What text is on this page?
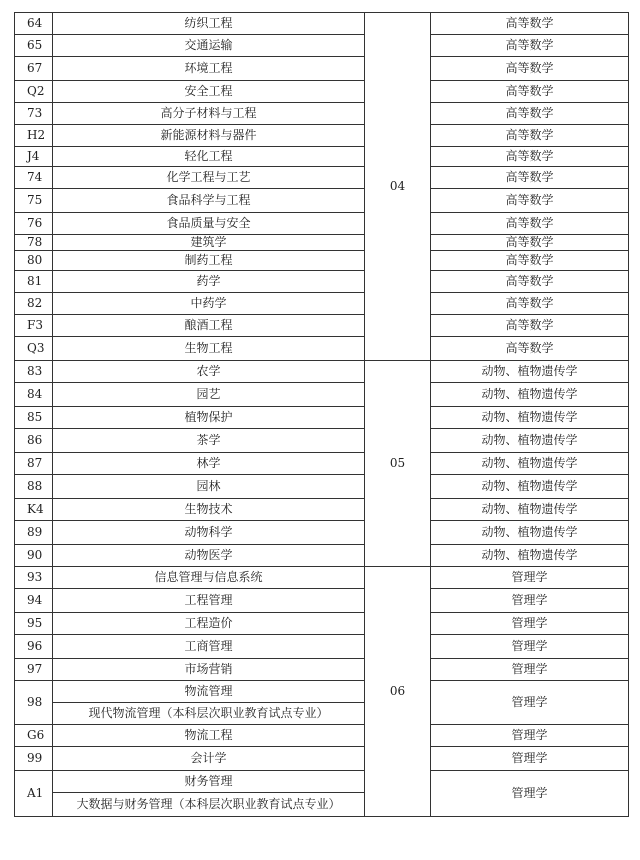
64	纺织工程	04	高等数学
65	交通运输		高等数学
67	环境工程		高等数学
Q2	安全工程		高等数学
73	高分子材料与工程		高等数学
H2	新能源材料与器件		高等数学
J4	轻化工程		高等数学
74	化学工程与工艺		高等数学
75	食品科学与工程		高等数学
76	食品质量与安全		高等数学
78	建筑学		高等数学
80	制药工程		高等数学
81	药学		高等数学
82	中药学		高等数学
F3	酿酒工程		高等数学
Q3	生物工程		高等数学
83	农学	05	动物、植物遗传学
84	园艺		动物、植物遗传学
85	植物保护		动物、植物遗传学
86	茶学		动物、植物遗传学
87	林学		动物、植物遗传学
88	园林		动物、植物遗传学
K4	生物技术		动物、植物遗传学
89	动物科学		动物、植物遗传学
90	动物医学		动物、植物遗传学
93	信息管理与信息系统	06	管理学
94	工程管理		管理学
95	工程造价		管理学
96	工商管理		管理学
97	市场营销		管理学
98	物流管理		管理学
	现代物流管理（本科层次职业教育试点专业）		
G6	物流工程		管理学
99	会计学		管理学
A1	财务管理		管理学
	大数据与财务管理（本科层次职业教育试点专业）		
